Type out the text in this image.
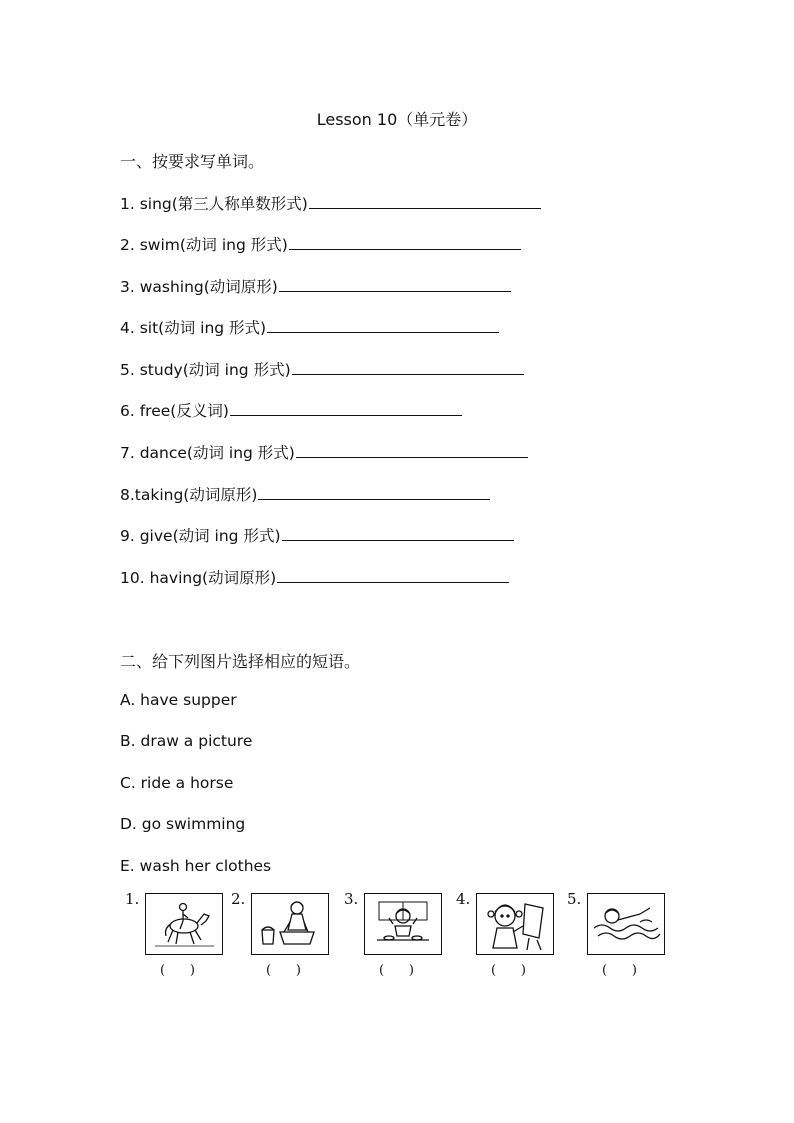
Lesson 10（单元卷）
一、按要求写单词。
1. sing(第三人称单数形式)
2. swim(动词 ing 形式)
3. washing(动词原形)
4. sit(动词 ing 形式)
5. study(动词 ing 形式)
6. free(反义词)
7. dance(动词 ing 形式)
8.taking(动词原形)
9. give(动词 ing 形式)
10. having(动词原形)
二、给下列图片选择相应的短语。
A. have supper
B. draw a picture
C. ride a horse
D. go swimming
E. wash her clothes
1.
(      )
2.
(      )
3.
(      )
4.
(      )
5.
(      )
